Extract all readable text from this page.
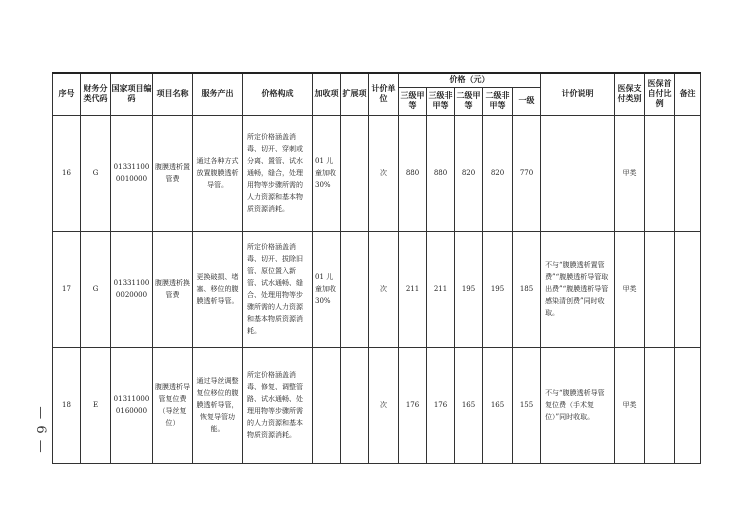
— 6 —
序号	财务分类代码	国家项目编码	项目名称	服务产出	价格构成	加收项	扩展项	计价单位	价格（元）					计价说明	医保支付类别	医保首自付比例	备注
									三级甲等	三级非甲等	二级甲等	二级非甲等	一级				
16	G	013311000010000	腹膜透析置管费	通过各种方式放置腹膜透析导管。	所定价格涵盖消毒、切开、穿刺或分离、置管、试水通畅，缝合，处理用物等步骤所需的人力资源和基本物质资源消耗。	01 儿童加收30%		次	880	880	820	820	770		甲类		
17	G	013311000020000	腹膜透析换管费	更换破损、堵塞、移位的腹膜透析导管。	所定价格涵盖消毒、切开、拔除旧管、原位置入新管、试水通畅、缝合、处理用物等步骤所需的人力资源和基本物质资源消耗。	01 儿童加收30%		次	211	211	195	195	185	不与“腹膜透析置管费”“腹膜透析导管取出费”“腹膜透析导管感染清创费”同时收取。	甲类		
18	E	013110000160000	腹膜透析导管复位费（导丝复位）	通过导丝调整复位移位的腹膜透析导管，恢复导管功能。	所定价格涵盖消毒、修复、调整管路、试水通畅、处理用物等步骤所需的人力资源和基本物质资源消耗。			次	176	176	165	165	155	不与“腹膜透析导管复位费（手术复位）”同时收取。	甲类		
